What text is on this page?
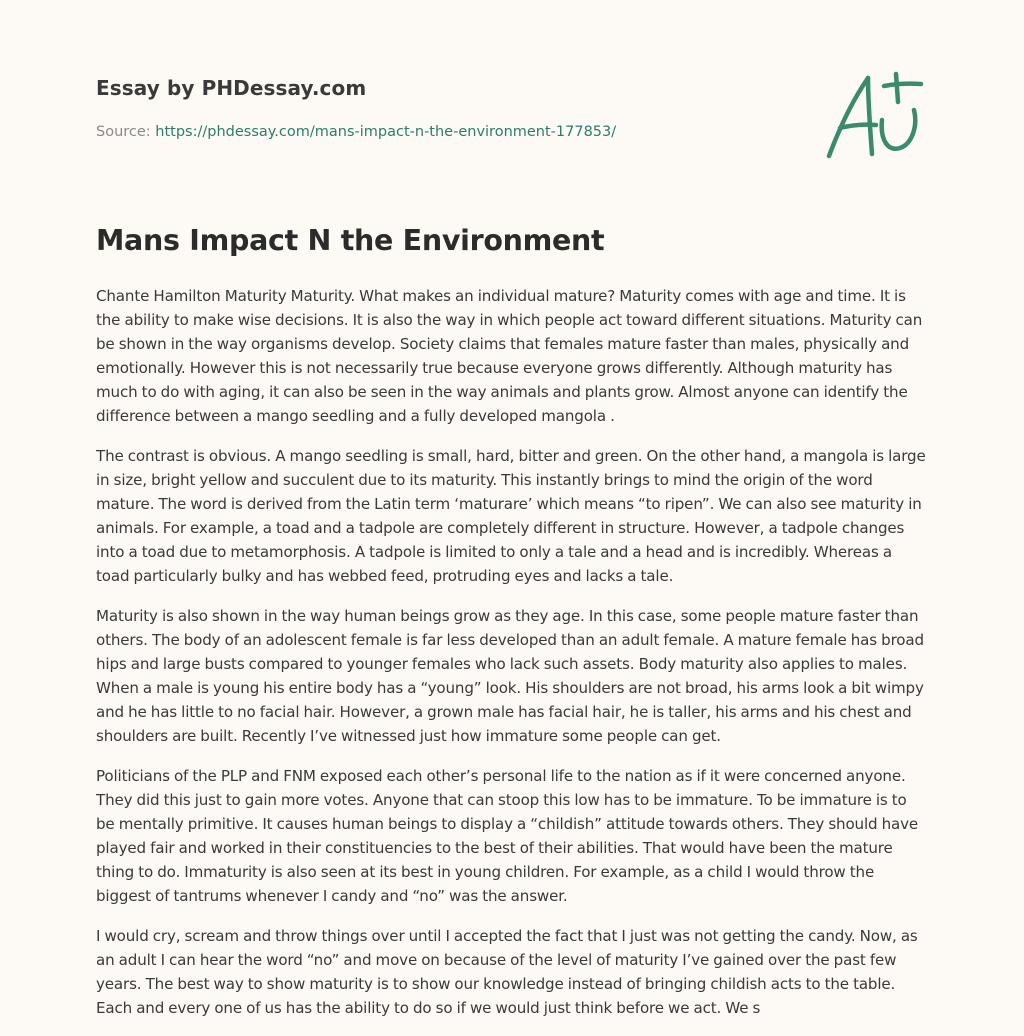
Essay by PHDessay.com
Source: https://phdessay.com/mans-impact-n-the-environment-177853/
Mans Impact N the Environment

Chante Hamilton Maturity Maturity. What makes an individual mature? Maturity comes with age and time. It is the ability to make wise decisions. It is also the way in which people act toward different situations. Maturity can be shown in the way organisms develop. Society claims that females mature faster than males, physically and emotionally. However this is not necessarily true because everyone grows differently. Although maturity has much to do with aging, it can also be seen in the way animals and plants grow. Almost anyone can identify the difference between a mango seedling and a fully developed mangola .

The contrast is obvious. A mango seedling is small, hard, bitter and green. On the other hand, a mangola is large in size, bright yellow and succulent due to its maturity. This instantly brings to mind the origin of the word mature. The word is derived from the Latin term ‘maturare’ which means “to ripen”. We can also see maturity in animals. For example, a toad and a tadpole are completely different in structure. However, a tadpole changes into a toad due to metamorphosis. A tadpole is limited to only a tale and a head and is incredibly. Whereas a toad particularly bulky and has webbed feed, protruding eyes and lacks a tale.

Maturity is also shown in the way human beings grow as they age. In this case, some people mature faster than others. The body of an adolescent female is far less developed than an adult female. A mature female has broad hips and large busts compared to younger females who lack such assets. Body maturity also applies to males. When a male is young his entire body has a “young” look. His shoulders are not broad, his arms look a bit wimpy and he has little to no facial hair. However, a grown male has facial hair, he is taller, his arms and his chest and shoulders are built. Recently I’ve witnessed just how immature some people can get.

Politicians of the PLP and FNM exposed each other’s personal life to the nation as if it were concerned anyone. They did this just to gain more votes. Anyone that can stoop this low has to be immature. To be immature is to be mentally primitive. It causes human beings to display a “childish” attitude towards others. They should have played fair and worked in their constituencies to the best of their abilities. That would have been the mature thing to do. Immaturity is also seen at its best in young children. For example, as a child I would throw the biggest of tantrums whenever I candy and “no” was the answer.

I would cry, scream and throw things over until I accepted the fact that I just was not getting the candy. Now, as an adult I can hear the word “no” and move on because of the level of maturity I’ve gained over the past few years. The best way to show maturity is to show our knowledge instead of bringing childish acts to the table. Each and every one of us has the ability to do so if we would just think before we act. We s
